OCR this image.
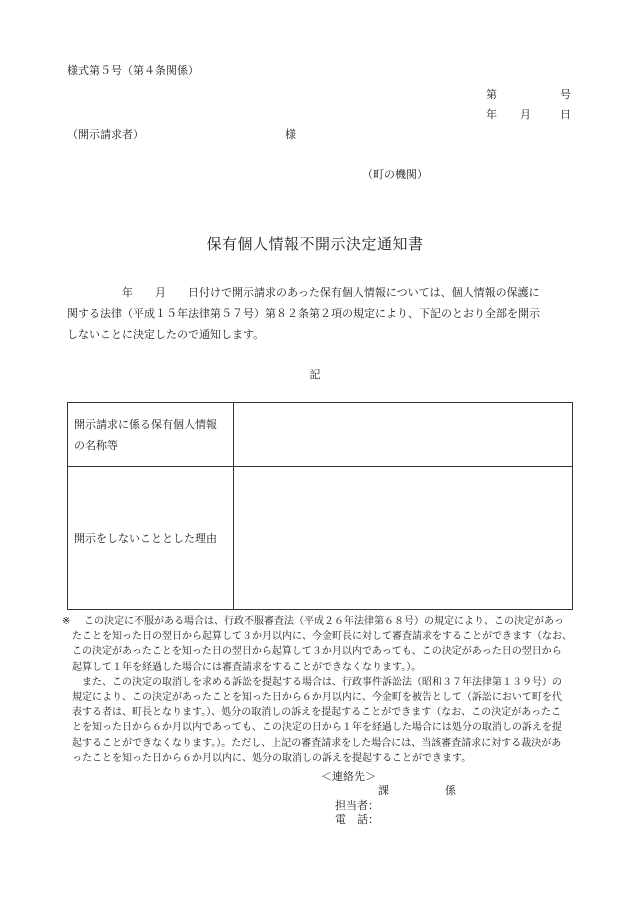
様式第５号（第４条関係）
第	号
年 月	日
（開示請求者）	様
（町の機関）
保有個人情報不開示決定通知書
年 月 日付けで開示請求のあった保有個人情報については、個人情報の保護に
関する法律（平成１５年法律第５７号）第８２条第２項の規定により、下記のとおり全部を開示
しないことに決定したので通知します。
記
開示請求に係る保有個人情報
の名称等	

開示をしないこととした理由	
※ この決定に不服がある場合は、行政不服審査法（平成２６年法律第６８号）の規定により、この決定があっ
たことを知った日の翌日から起算して３か月以内に、今金町長に対して審査請求をすることができます（なお、
この決定があったことを知った日の翌日から起算して３か月以内であっても、この決定があった日の翌日から
起算して１年を経過した場合には審査請求をすることができなくなります。）。
また、この決定の取消しを求める訴訟を提起する場合は、行政事件訴訟法（昭和３７年法律第１３９号）の
規定により、この決定があったことを知った日から６か月以内に、今金町を被告として（訴訟において町を代
表する者は、町長となります。）、処分の取消しの訴えを提起することができます（なお、この決定があったこ
とを知った日から６か月以内であっても、この決定の日から１年を経過した場合には処分の取消しの訴えを提
起することができなくなります。）。ただし、上記の審査請求をした場合には、当該審査請求に対する裁決があ
ったことを知った日から６か月以内に、処分の取消しの訴えを提起することができます。
＜連絡先＞
課	係
担当者：
電　話：
